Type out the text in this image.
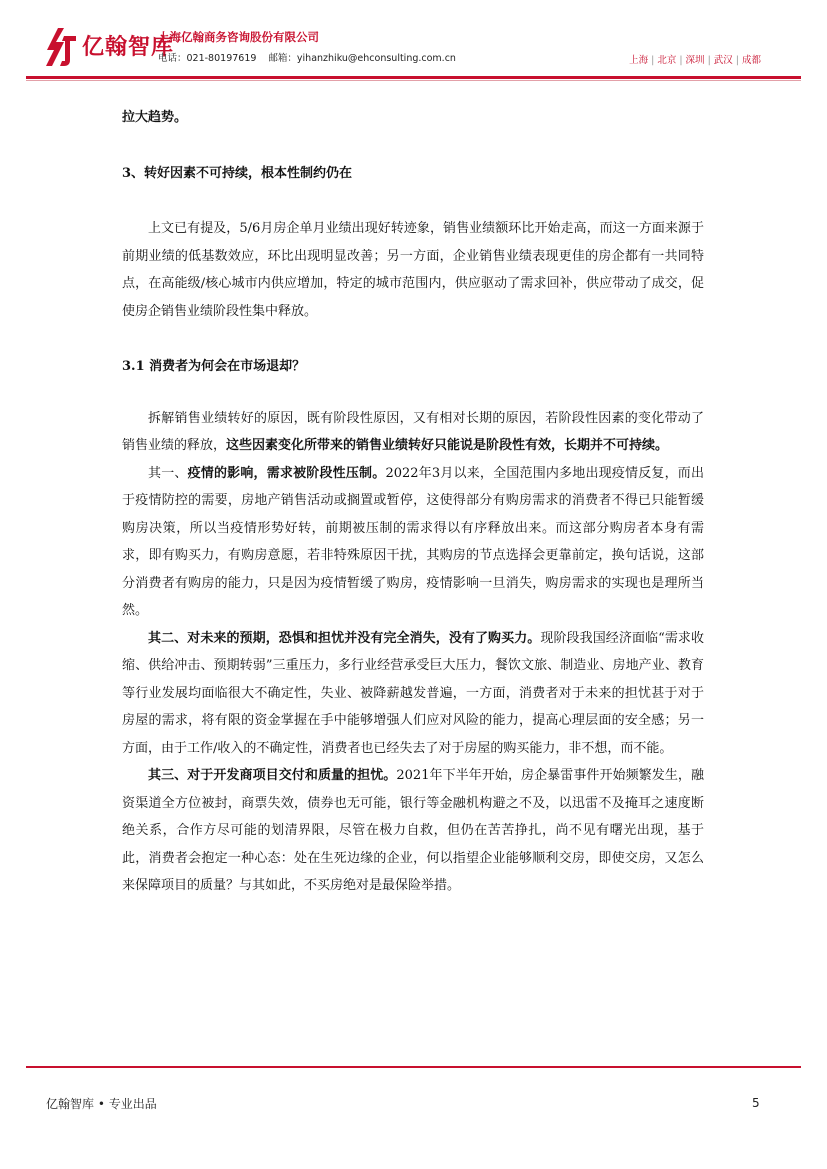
亿翰智库
上海亿翰商务咨询股份有限公司
电话：021-80197619 邮箱：yihanzhiku@ehconsulting.com.cn	上海 | 北京 | 深圳 | 武汉 | 成都

拉大趋势。

3、转好因素不可持续，根本性制约仍在

上文已有提及，5/6月房企单月业绩出现好转迹象，销售业绩额环比开始走高，而这一方面来源于前期业绩的低基数效应，环比出现明显改善；另一方面，企业销售业绩表现更佳的房企都有一共同特点，在高能级/核心城市内供应增加，特定的城市范围内，供应驱动了需求回补，供应带动了成交，促使房企销售业绩阶段性集中释放。

3.1 消费者为何会在市场退却？

拆解销售业绩转好的原因，既有阶段性原因，又有相对长期的原因，若阶段性因素的变化带动了销售业绩的释放，这些因素变化所带来的销售业绩转好只能说是阶段性有效，长期并不可持续。

其一、疫情的影响，需求被阶段性压制。2022年3月以来，全国范围内多地出现疫情反复，而出于疫情防控的需要，房地产销售活动或搁置或暂停，这使得部分有购房需求的消费者不得已只能暂缓购房决策，所以当疫情形势好转，前期被压制的需求得以有序释放出来。而这部分购房者本身有需求，即有购买力，有购房意愿，若非特殊原因干扰，其购房的节点选择会更靠前定，换句话说，这部分消费者有购房的能力，只是因为疫情暂缓了购房，疫情影响一旦消失，购房需求的实现也是理所当然。

其二、对未来的预期，恐惧和担忧并没有完全消失，没有了购买力。现阶段我国经济面临“需求收缩、供给冲击、预期转弱”三重压力，多行业经营承受巨大压力，餐饮文旅、制造业、房地产业、教育等行业发展均面临很大不确定性，失业、被降薪越发普遍，一方面，消费者对于未来的担忧甚于对于房屋的需求，将有限的资金掌握在手中能够增强人们应对风险的能力，提高心理层面的安全感；另一方面，由于工作/收入的不确定性，消费者也已经失去了对于房屋的购买能力，非不想，而不能。

其三、对于开发商项目交付和质量的担忧。2021年下半年开始，房企暴雷事件开始频繁发生，融资渠道全方位被封，商票失效，债券也无可能，银行等金融机构避之不及，以迅雷不及掩耳之速度断绝关系，合作方尽可能的划清界限，尽管在极力自救，但仍在苦苦挣扎，尚不见有曙光出现，基于此，消费者会抱定一种心态：处在生死边缘的企业，何以指望企业能够顺利交房，即使交房，又怎么来保障项目的质量？与其如此，不买房绝对是最保险举措。

亿翰智库 • 专业出品	5
